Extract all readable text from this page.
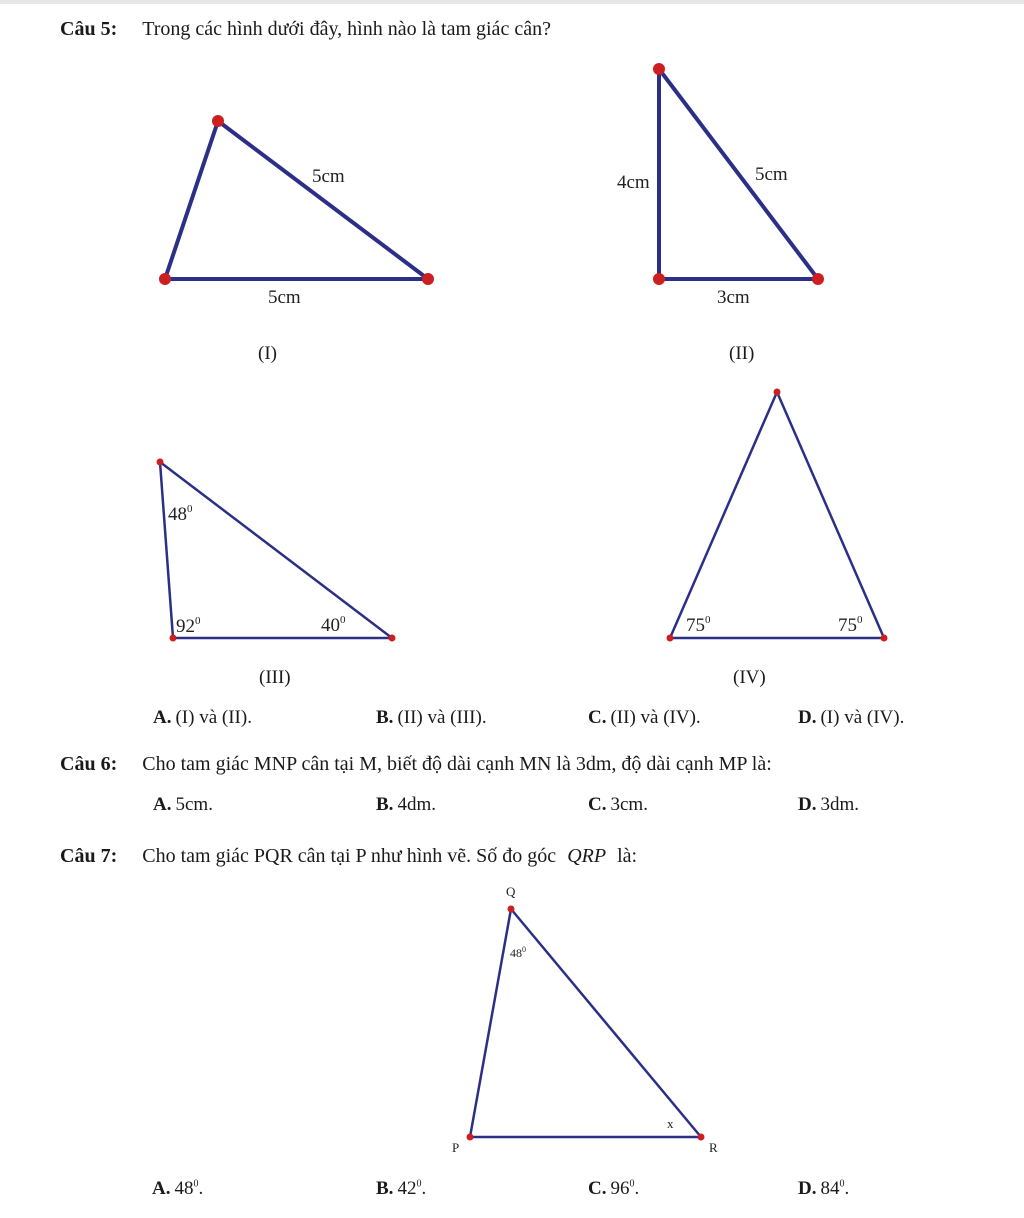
Câu 5: Trong các hình dưới đây, hình nào là tam giác cân?
5cm
5cm
4cm	5cm
3cm
$48^0$
$92^0$	$40^0$	$75^0$	$75^0$
Q
P	R
$48^0$
x
(I)	(II)
(III)	(IV)
A. (I) và (II).	B. (II) và (III).	C. (II) và (IV).	D. (I) và (IV).
Câu 6: Cho tam giác MNP cân tại M, biết độ dài cạnh MN là 3dm, độ dài cạnh MP là:
A. 5cm.	B. 4dm.	C. 3cm.	D. 3dm.
Câu 7: Cho tam giác PQR cân tại P như hình vẽ. Số đo góc QRP là:
A. $48^0$.	B. $42^0$.	C. $96^0$.	D. $84^0$.
